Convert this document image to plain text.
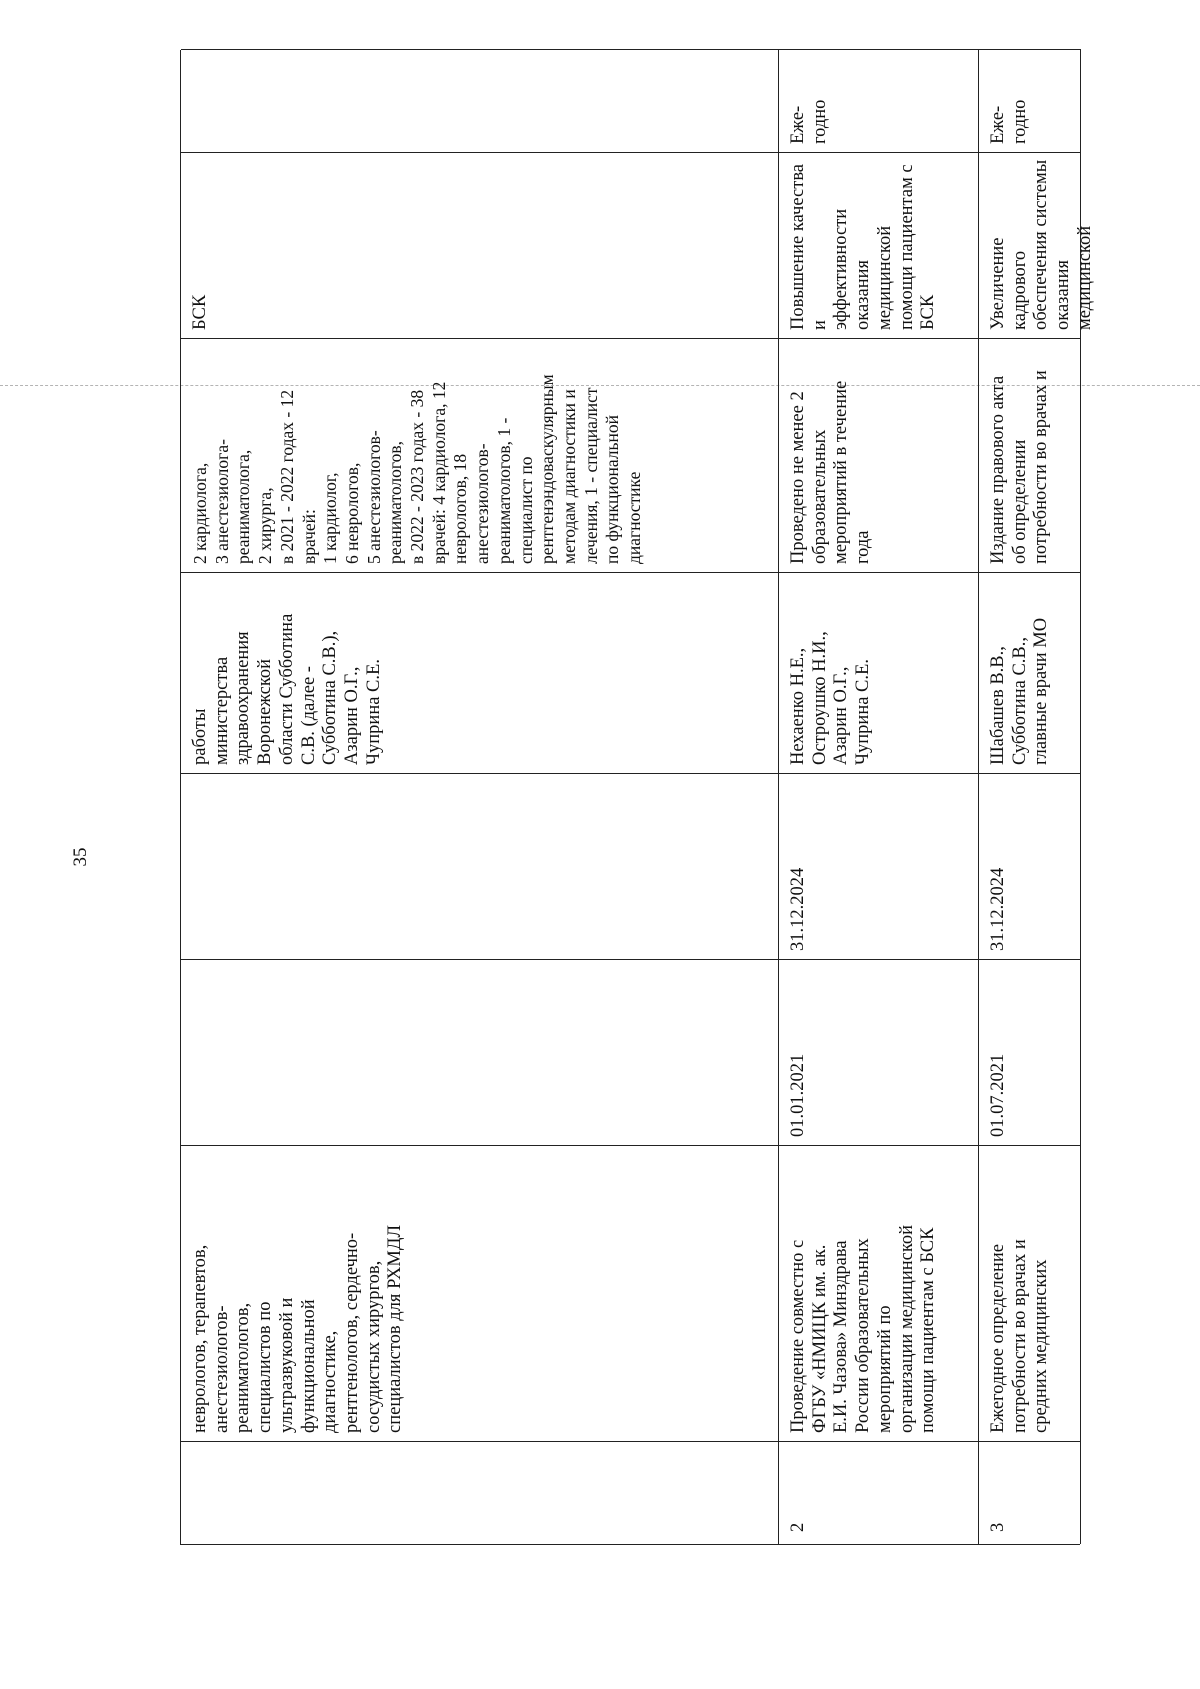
35
неврологов, терапевтов,
анестезиологов-
реаниматологов,
специалистов по
ультразвуковой и
функциональной
диагностике,
рентгенологов, сердечно-
сосудистых хирургов,
специалистов для РХМДЛ
работы
министерства
здравоохранения
Воронежской
области Субботина
С.В. (далее -
Субботина С.В.),
Азарин О.Г.,
Чуприна С.Е.
2 кардиолога,
3 анестезиолога-
реаниматолога,
2 хирурга,
в 2021 - 2022 годах - 12
врачей:
1 кардиолог,
6 неврологов,
5 анестезиологов-
реаниматологов,
в 2022 - 2023 годах - 38
врачей: 4 кардиолога, 12
неврологов, 18
анестезиологов-
реаниматологов, 1 -
специалист по
рентгенэндоваскулярным
методам диагностики и
лечения, 1 - специалист
по функциональной
диагностике
БСК
2
Проведение совместно с
ФГБУ «НМИЦК им. ак.
Е.И. Чазова» Минздрава
России образовательных
мероприятий по
организации медицинской
помощи пациентам с БСК
01.01.2021
31.12.2024
Нехаенко Н.Е.,
Остроушко Н.И.,
Азарин О.Г.,
Чуприна С.Е.
Проведено не менее 2
образовательных
мероприятий в течение
года
Повышение качества и
эффективности
оказания медицинской
помощи пациентам с
БСК
Еже-
годно
3
Ежегодное определение
потребности во врачах и
средних медицинских
01.07.2021
31.12.2024
Шабашев В.В.,
Субботина С.В.,
главные врачи МО
Издание правового акта
об определении
потребности во врачах и
Увеличение кадрового
обеспечения системы
оказания медицинской
Еже-
годно
